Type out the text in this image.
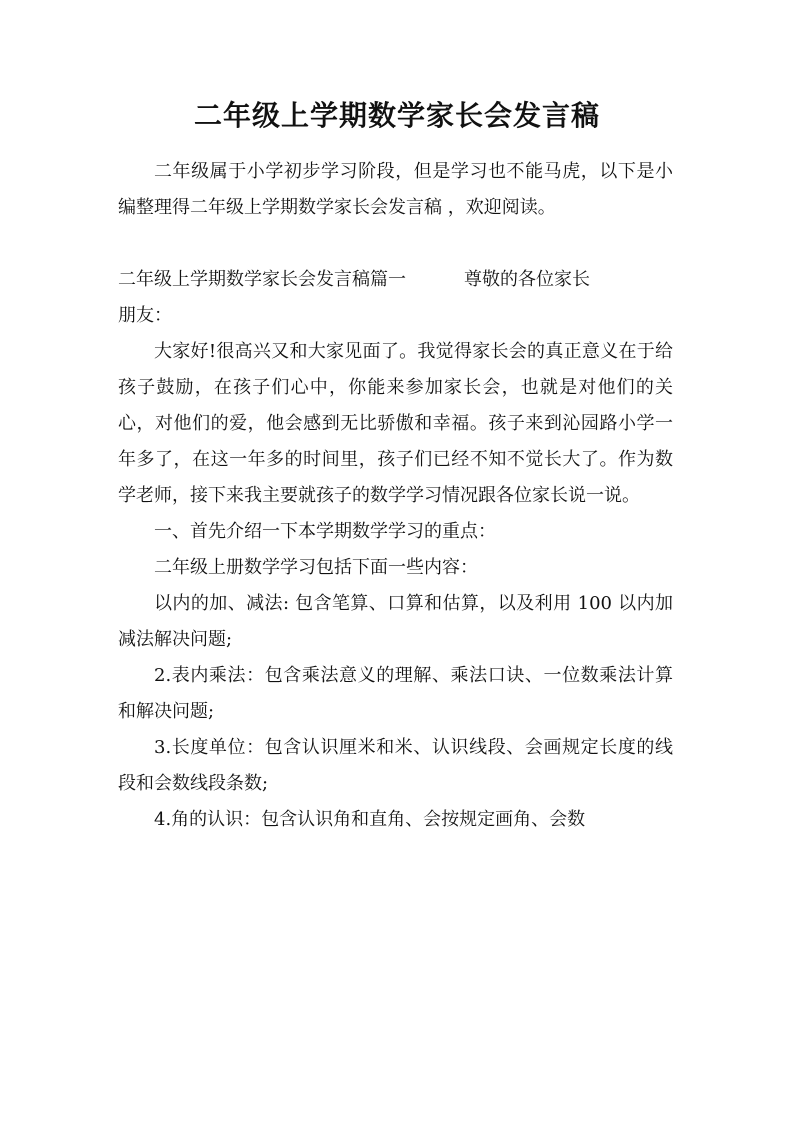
二年级上学期数学家长会发言稿

二年级属于小学初步学习阶段，但是学习也不能马虎，以下是小编整理得二年级上学期数学家长会发言稿 ，欢迎阅读。

二年级上学期数学家长会发言稿篇一	尊敬的各位家长
朋友：

大家好!很高兴又和大家见面了。我觉得家长会的真正意义在于给孩子鼓励，在孩子们心中，你能来参加家长会，也就是对他们的关心，对他们的爱，他会感到无比骄傲和幸福。孩子来到沁园路小学一年多了，在这一年多的时间里，孩子们已经不知不觉长大了。作为数学老师，接下来我主要就孩子的数学学习情况跟各位家长说一说。

一、首先介绍一下本学期数学学习的重点：

二年级上册数学学习包括下面一些内容：

以内的加、减法: 包含笔算、口算和估算，以及利用 100 以内加减法解决问题;

2.表内乘法：包含乘法意义的理解、乘法口诀、一位数乘法计算和解决问题;

3.长度单位：包含认识厘米和米、认识线段、会画规定长度的线段和会数线段条数;

4.角的认识：包含认识角和直角、会按规定画角、会数
